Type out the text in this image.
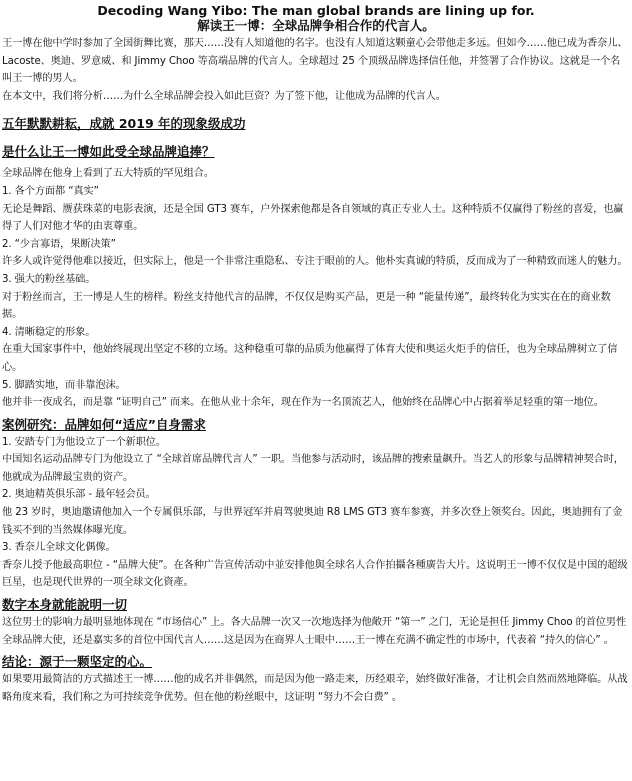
Decoding Wang Yibo: The man global brands are lining up for.
解读王一博：全球品牌争相合作的代言人。

王一博在他中学时参加了全国街舞比赛，那天……没有人知道他的名字。也没有人知道这颗童心会带他走多远。但如今……他已成为香奈儿、Lacoste、奥迪、罗意威、和 Jimmy Choo 等高端品牌的代言人。全球超过 25 个顶级品牌选择信任他，并签署了合作协议。这就是一个名叫王一博的男人。

在本文中，我们将分析……为什么全球品牌会投入如此巨资？为了签下他，让他成为品牌的代言人。

五年默默耕耘，成就 2019 年的现象级成功
是什么让王一博如此受全球品牌追捧？

全球品牌在他身上看到了五大特质的罕见组合。

1. 各个方面都 “真实”

无论是舞蹈、赝获珠菜的电影表演，还是全国 GT3 赛车，户外探索他都是各自领域的真正专业人士。这种特质不仅赢得了粉丝的喜爱，也赢得了人们对他才华的由衷尊重。

2. “少言寡语，果断决策”

许多人或许觉得他难以接近，但实际上，他是一个非常注重隐私、专注于眼前的人。他朴实真诚的特质，反而成为了一种精致而迷人的魅力。

3. 强大的粉丝基础。

对于粉丝而言，王一博是人生的榜样。粉丝支持他代言的品牌，不仅仅是购买产品，更是一种 “能量传递”，最终转化为实实在在的商业数据。

4. 清晰稳定的形象。

在重大国家事件中，他始终展现出坚定不移的立场。这种稳重可靠的品质为他赢得了体育大使和奥运火炬手的信任，也为全球品牌树立了信心。

5. 脚踏实地，而非靠泡沫。

他并非一夜成名，而是靠 “证明自己” 而来。在他从业十余年，现在作为一名顶流艺人，他始终在品牌心中占据着举足轻重的第一地位。

案例研究：品牌如何“适应”自身需求

1. 安踏专门为他设立了一个新职位。

中国知名运动品牌专门为他设立了 “全球首席品牌代言人” 一职。当他参与活动时，该品牌的搜索量飙升。当艺人的形象与品牌精神契合时，他就成为品牌最宝贵的资产。

2. 奥迪精英俱乐部 - 最年轻会员。

他 23 岁时，奥迪邀请他加入一个专属俱乐部，与世界冠军并肩驾驶奥迪 R8 LMS GT3 赛车参赛，并多次登上领奖台。因此，奥迪拥有了金钱买不到的当然媒体曝光度。

3. 香奈儿全球文化偶像。

香奈儿授予他最高职位 - “品牌大使”。在各种广告宣传活动中並安排他與全球名人合作拍攝各種廣告大片。这说明王一博不仅仅是中国的超级巨星，也是现代世界的一项全球文化資產。

数字本身就能說明一切

这位男士的影响力最明显地体现在 “市场信心” 上。各大品牌一次又一次地选择为他敞开 “第一” 之门，无论是担任 Jimmy Choo 的首位男性全球品牌大使，还是嘉实多的首位中国代言人……这是因为在商界人士眼中……王一博在充满不确定性的市场中，代表着 “持久的信心” 。

结论：源于一颗坚定的心。

如果要用最简洁的方式描述王一博……他的成名并非偶然，而是因为他一路走来，历经艰辛，始终做好准备，才让机会自然而然地降临。从战略角度来看，我们称之为可持续竞争优势。但在他的粉丝眼中，这证明 “努力不会白费” 。
